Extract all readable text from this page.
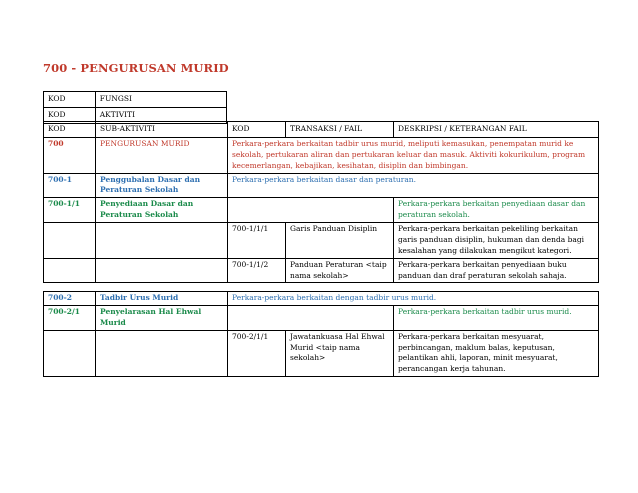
700 - PENGURUSAN MURID
KOD	FUNGSI
KOD	AKTIVITI
KOD	SUB-AKTIVITI	KOD	TRANSAKSI / FAIL	DESKRIPSI / KETERANGAN FAIL
700	PENGURUSAN MURID	Perkara-perkara berkaitan tadbir urus murid, meliputi kemasukan, penempatan murid ke sekolah, pertukaran aliran dan pertukaran keluar dan masuk. Aktiviti kokurikulum, program kecemerlangan, kebajikan, kesihatan, disiplin dan bimbingan.		
700-1	Penggubalan Dasar dan Peraturan Sekolah	Perkara-perkara berkaitan dasar dan peraturan.		
700-1/1	Penyediaan Dasar dan Peraturan Sekolah			Perkara-perkara berkaitan penyediaan dasar dan peraturan sekolah.
		700-1/1/1	Garis Panduan Disiplin	Perkara-perkara berkaitan pekeliling berkaitan garis panduan disiplin, hukuman dan denda bagi kesalahan yang dilakukan mengikut kategori.
		700-1/1/2	Panduan Peraturan <taip nama sekolah>	Perkara-perkara berkaitan penyediaan buku panduan dan draf peraturan sekolah sahaja.
700-2	Tadbir Urus Murid	Perkara-perkara berkaitan dengan tadbir urus murid.		
700-2/1	Penyelarasan Hal Ehwal Murid			Perkara-perkara berkaitan tadbir urus murid.
		700-2/1/1	Jawatankuasa Hal Ehwal Murid <taip nama sekolah>	Perkara-perkara berkaitan mesyuarat, perbincangan, maklum balas, keputusan, pelantikan ahli, laporan, minit mesyuarat, perancangan kerja tahunan.
